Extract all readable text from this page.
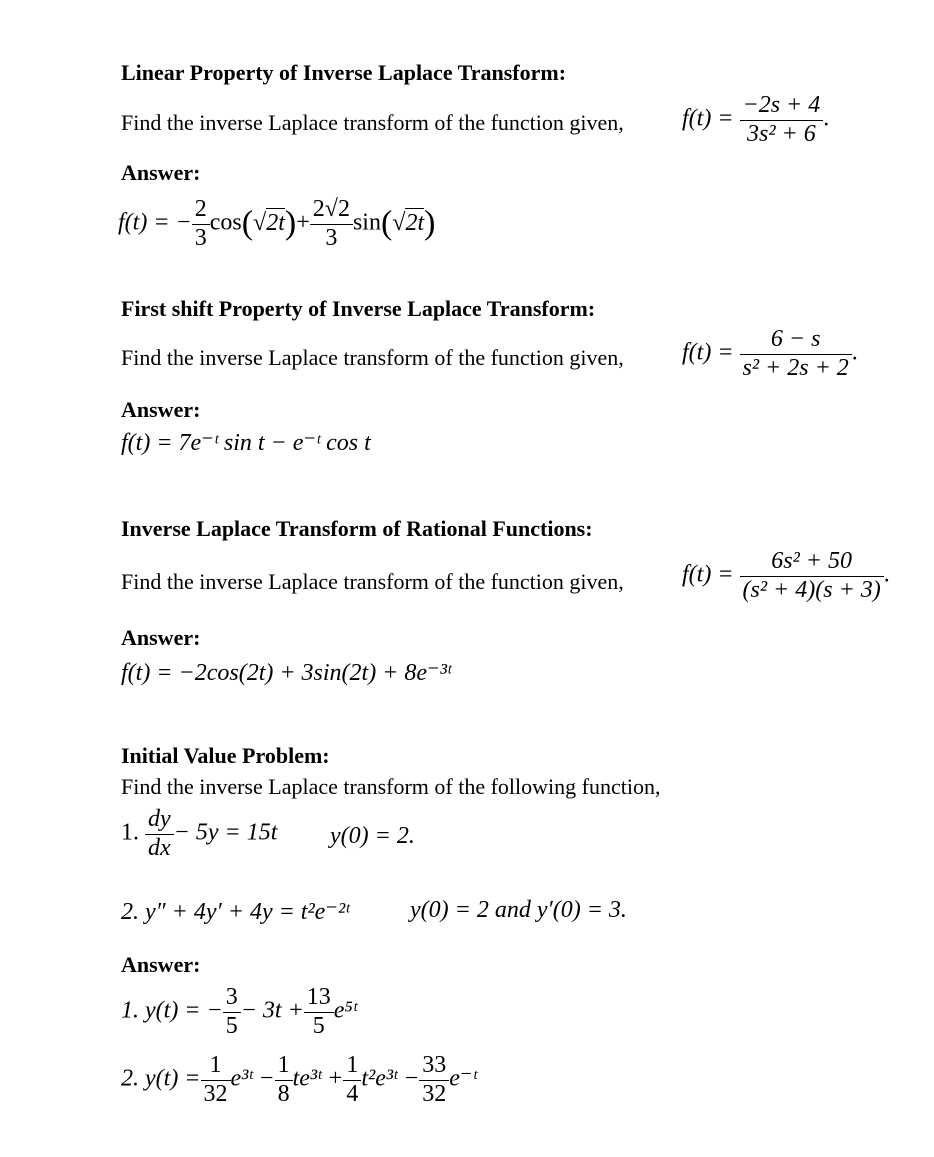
Linear Property of Inverse Laplace Transform:
Find the inverse Laplace transform of the function given, $f(t) = \frac{-2s + 4}{\text{3s² + 6}}$ .
Answer:
f(t) = − $\frac{2}{3} \cos(√2t)+ \frac{2√2}{3} \sin(√2t)$
First shift Property of Inverse Laplace Transform:
Find the inverse Laplace transform of the function given, $f(t) = \frac{6 - s}{\text{s² + 2s + 2}}$ .
Answer:
f(t) = 7e⁻ᵗ sin t − e⁻ᵗ cos t
Inverse Laplace Transform of Rational Functions:
Find the inverse Laplace transform of the function given, $f(t) = \frac{\text{6s² + 50}}{\text{(s² + 4)(s + 3)}}$ .
Answer:
f(t) = −2cos(2t) + 3sin(2t) + 8e⁻³ᵗ
Initial Value Problem:
Find the inverse Laplace transform of the following function,
1. $\frac{dy}{dx} - 5y = 15t$ y(0) = 2.
2. y″ + 4y′ + 4y = t²e⁻²ᵗ	y(0) = 2 and y′(0) = 3.
Answer:
1. y(t) = − $\frac{3}{5} - 3t + \frac{13}{5}$ e⁵ᵗ
2. $y(t) = \frac{1}{32}$ e³ᵗ − $\frac{1}{8}$ te³ᵗ + $\frac{1}{4}$ t²e³ᵗ − $\frac{33}{32}$ e⁻ᵗ
